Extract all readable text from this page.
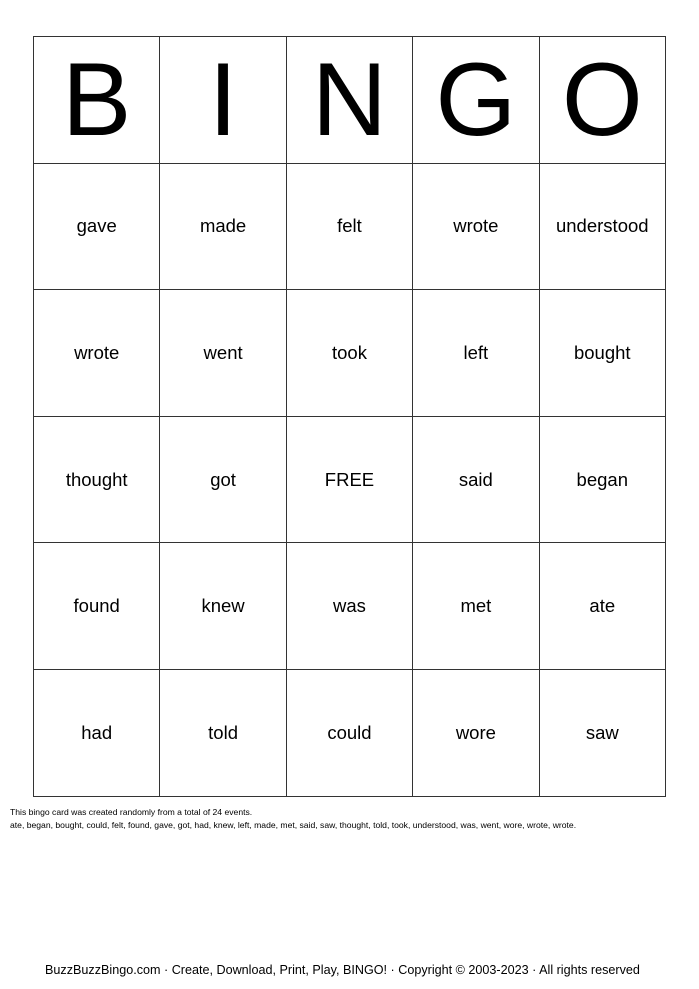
B	I	N	G	O
gave	made	felt	wrote	understood
wrote	went	took	left	bought
thought	got	FREE	said	began
found	knew	was	met	ate
had	told	could	wore	saw
This bingo card was created randomly from a total of 24 events.
ate, began, bought, could, felt, found, gave, got, had, knew, left, made, met, said, saw, thought, told, took, understood, was, went, wore, wrote, wrote.
BuzzBuzzBingo.com · Create, Download, Print, Play, BINGO! · Copyright © 2003-2023 · All rights reserved
